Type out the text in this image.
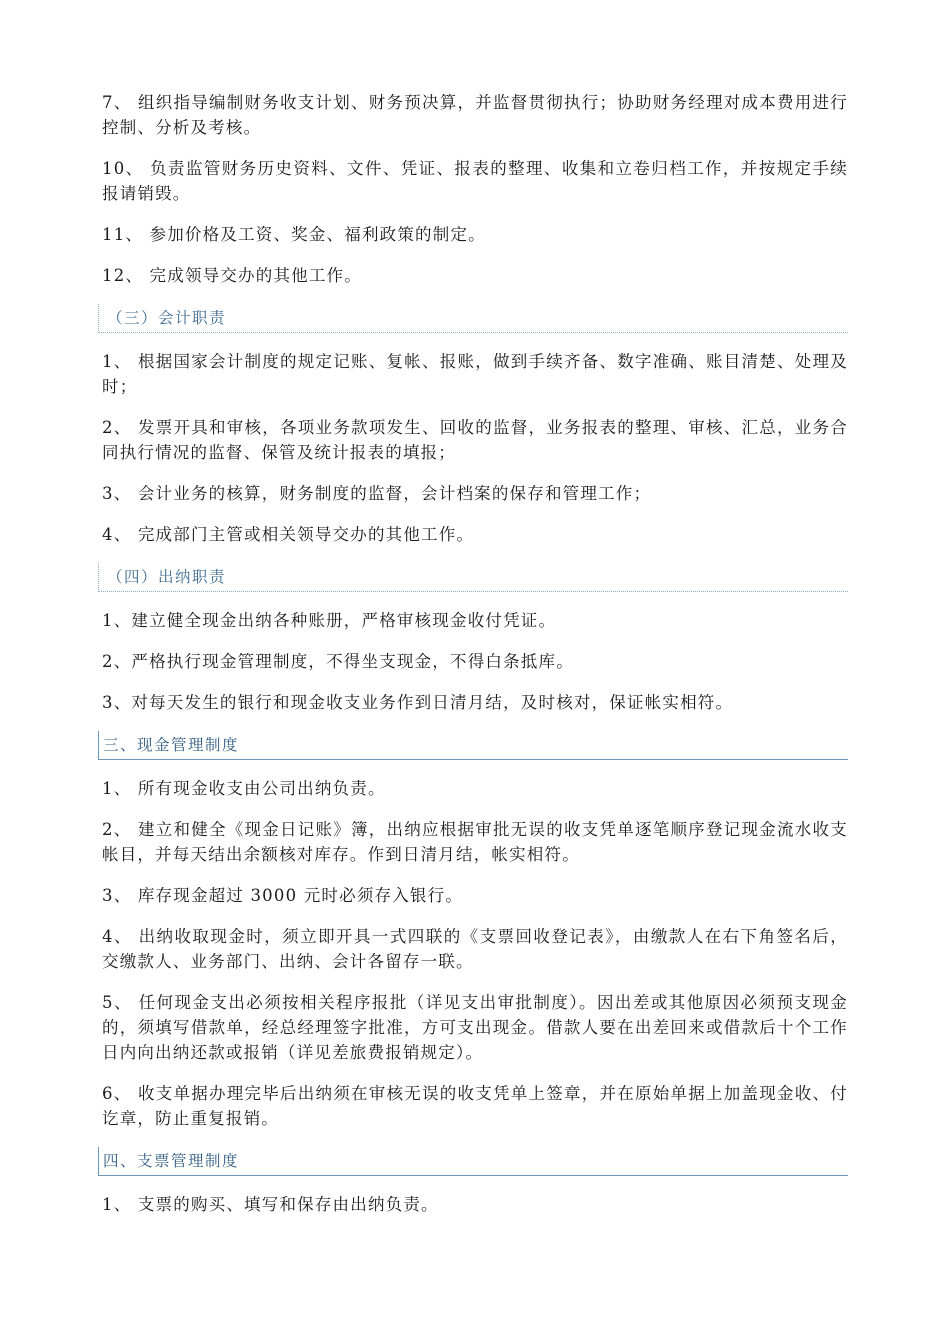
7、 组织指导编制财务收支计划、财务预决算，并监督贯彻执行；协助财务经理对成本费用进行控制、分析及考核。

10、 负责监管财务历史资料、文件、凭证、报表的整理、收集和立卷归档工作，并按规定手续报请销毁。

11、 参加价格及工资、奖金、福利政策的制定。

12、 完成领导交办的其他工作。

（三）会计职责

1、 根据国家会计制度的规定记账、复帐、报账，做到手续齐备、数字准确、账目清楚、处理及时；

2、 发票开具和审核，各项业务款项发生、回收的监督，业务报表的整理、审核、汇总，业务合同执行情况的监督、保管及统计报表的填报；

3、 会计业务的核算，财务制度的监督，会计档案的保存和管理工作；

4、 完成部门主管或相关领导交办的其他工作。

（四）出纳职责

1、建立健全现金出纳各种账册，严格审核现金收付凭证。

2、严格执行现金管理制度，不得坐支现金，不得白条抵库。

3、对每天发生的银行和现金收支业务作到日清月结，及时核对，保证帐实相符。

三、现金管理制度

1、 所有现金收支由公司出纳负责。

2、 建立和健全《现金日记账》簿，出纳应根据审批无误的收支凭单逐笔顺序登记现金流水收支帐目，并每天结出余额核对库存。作到日清月结，帐实相符。

3、 库存现金超过 3000 元时必须存入银行。

4、 出纳收取现金时，须立即开具一式四联的《支票回收登记表》，由缴款人在右下角签名后，交缴款人、业务部门、出纳、会计各留存一联。

5、 任何现金支出必须按相关程序报批（详见支出审批制度）。因出差或其他原因必须预支现金的，须填写借款单，经总经理签字批准，方可支出现金。借款人要在出差回来或借款后十个工作日内向出纳还款或报销（详见差旅费报销规定）。

6、 收支单据办理完毕后出纳须在审核无误的收支凭单上签章，并在原始单据上加盖现金收、付讫章，防止重复报销。

四、支票管理制度

1、 支票的购买、填写和保存由出纳负责。
